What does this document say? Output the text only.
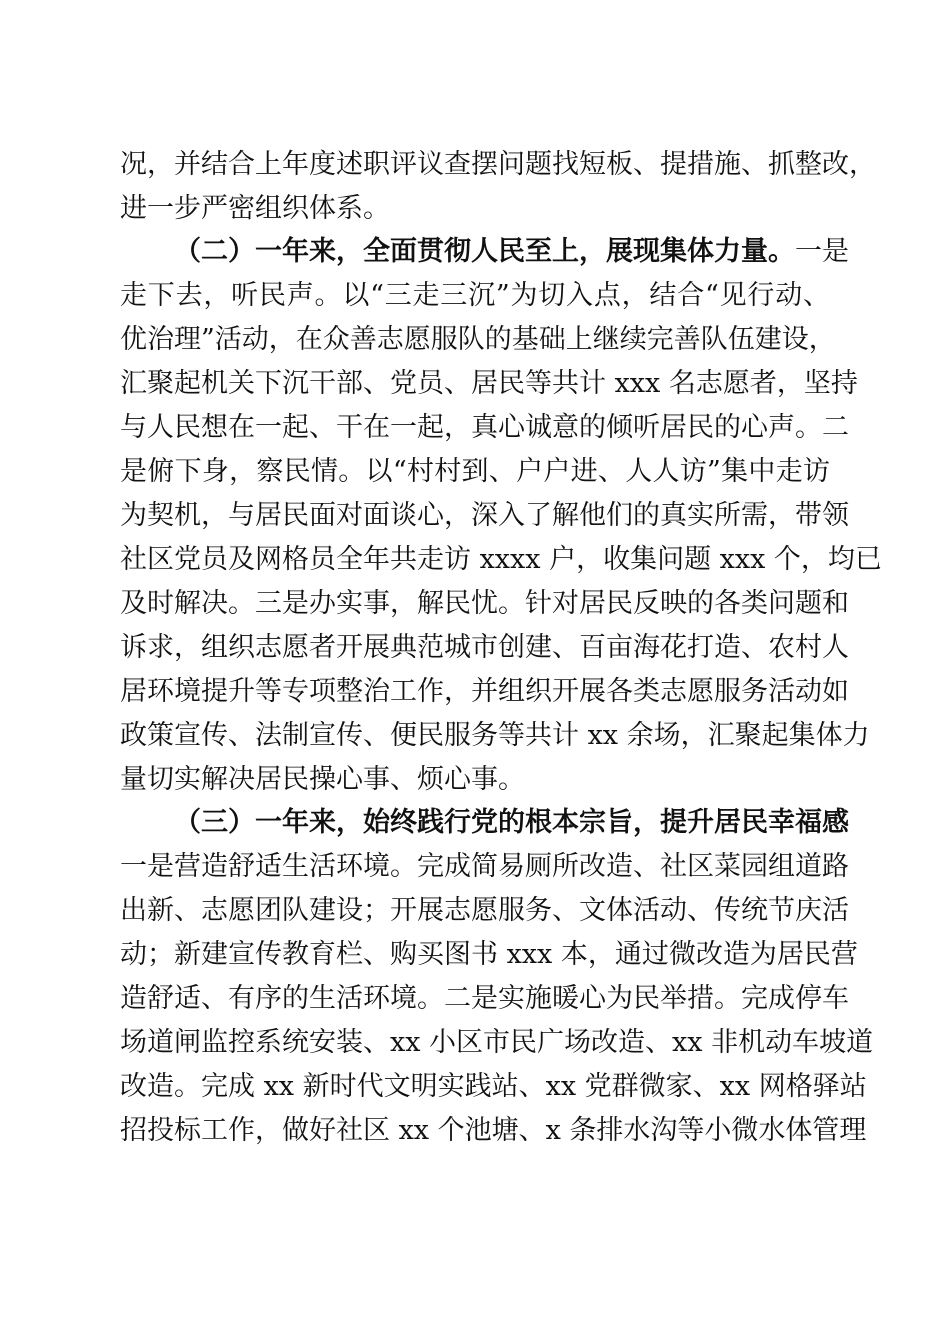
况，并结合上年度述职评议查摆问题找短板、提措施、抓整改，
进一步严密组织体系。
（二）一年来，全面贯彻人民至上，展现集体力量。一是
走下去，听民声。以“三走三沉”为切入点，结合“见行动、
优治理”活动，在众善志愿服队的基础上继续完善队伍建设，
汇聚起机关下沉干部、党员、居民等共计 xxx 名志愿者，坚持
与人民想在一起、干在一起，真心诚意的倾听居民的心声。二
是俯下身，察民情。以“村村到、户户进、人人访”集中走访
为契机，与居民面对面谈心，深入了解他们的真实所需，带领
社区党员及网格员全年共走访 xxxx 户，收集问题 xxx 个，均已
及时解决。三是办实事，解民忧。针对居民反映的各类问题和
诉求，组织志愿者开展典范城市创建、百亩海花打造、农村人
居环境提升等专项整治工作，并组织开展各类志愿服务活动如
政策宣传、法制宣传、便民服务等共计 xx 余场，汇聚起集体力
量切实解决居民操心事、烦心事。
（三）一年来，始终践行党的根本宗旨，提升居民幸福感
一是营造舒适生活环境。完成简易厕所改造、社区菜园组道路
出新、志愿团队建设；开展志愿服务、文体活动、传统节庆活
动；新建宣传教育栏、购买图书 xxx 本，通过微改造为居民营
造舒适、有序的生活环境。二是实施暖心为民举措。完成停车
场道闸监控系统安装、xx 小区市民广场改造、xx 非机动车坡道
改造。完成 xx 新时代文明实践站、xx 党群微家、xx 网格驿站
招投标工作，做好社区 xx 个池塘、x 条排水沟等小微水体管理
